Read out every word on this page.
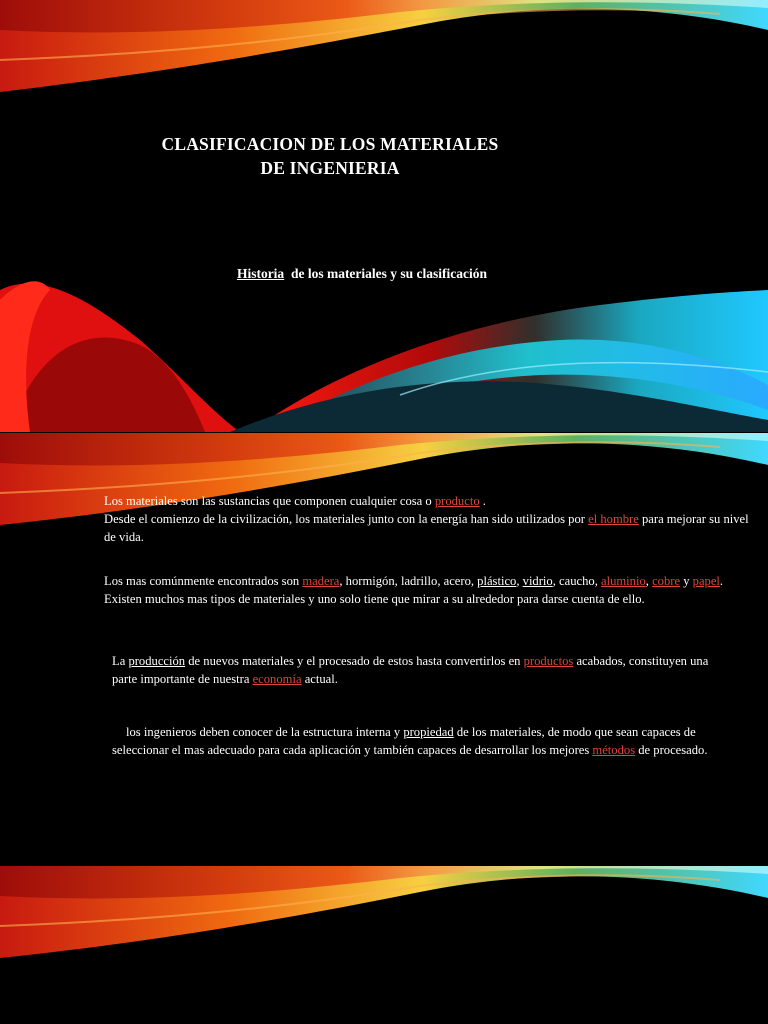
CLASIFICACION DE LOS MATERIALES
DE INGENIERIA
Historia de los materiales y su clasificación
Los materiales son las sustancias que componen cualquier cosa o producto .
Desde el comienzo de la civilización, los materiales junto con la energía han sido utilizados por el hombre para mejorar su nivel de vida.
Los mas comúnmente encontrados son madera, hormigón, ladrillo, acero, plástico, vidrio, caucho, aluminio, cobre y papel. Existen muchos mas tipos de materiales y uno solo tiene que mirar a su alrededor para darse cuenta de ello.
La producción de nuevos materiales y el procesado de estos hasta convertirlos en productos acabados, constituyen una parte importante de nuestra economía actual.
los ingenieros deben conocer de la estructura interna y propiedad de los materiales, de modo que sean capaces de seleccionar el mas adecuado para cada aplicación y también capaces de desarrollar los mejores métodos de procesado.
